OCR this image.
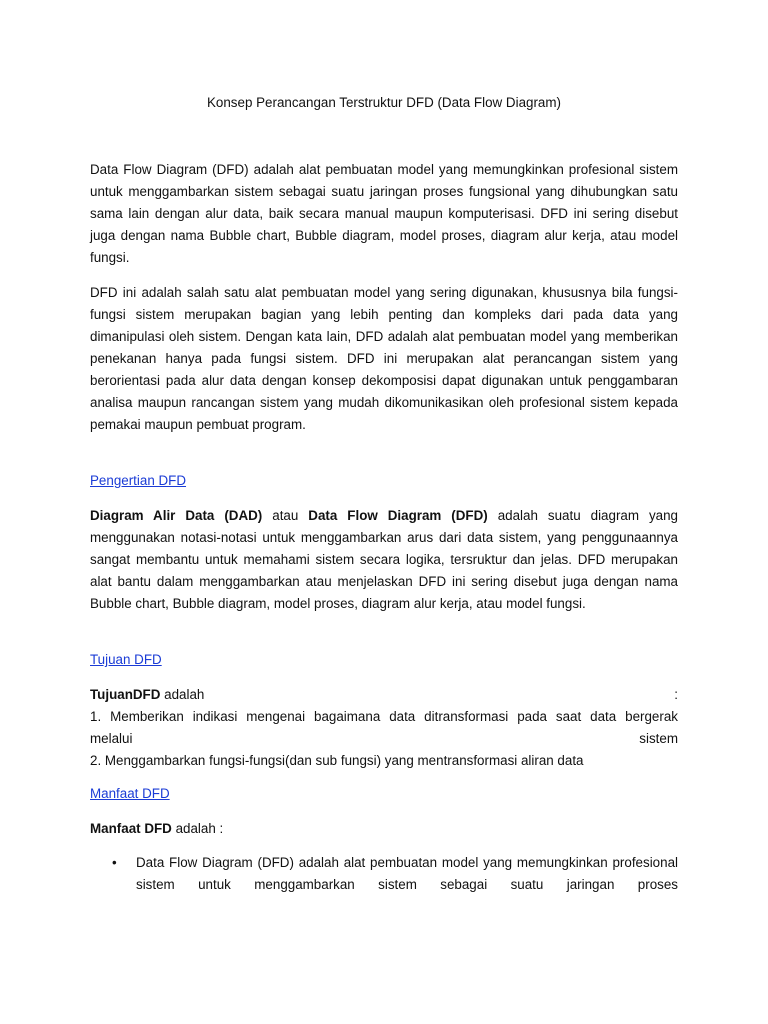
Konsep Perancangan Terstruktur DFD (Data Flow Diagram)
Data Flow Diagram (DFD) adalah alat pembuatan model yang memungkinkan profesional sistem untuk menggambarkan sistem sebagai suatu jaringan proses fungsional yang dihubungkan satu sama lain dengan alur data, baik secara manual maupun komputerisasi. DFD ini sering disebut juga dengan nama Bubble chart, Bubble diagram, model proses, diagram alur kerja, atau model fungsi.
DFD ini adalah salah satu alat pembuatan model yang sering digunakan, khususnya bila fungsi-fungsi sistem merupakan bagian yang lebih penting dan kompleks dari pada data yang dimanipulasi oleh sistem. Dengan kata lain, DFD adalah alat pembuatan model yang memberikan penekanan hanya pada fungsi sistem. DFD ini merupakan alat perancangan sistem yang berorientasi pada alur data dengan konsep dekomposisi dapat digunakan untuk penggambaran analisa maupun rancangan sistem yang mudah dikomunikasikan oleh profesional sistem kepada pemakai maupun pembuat program.
Pengertian DFD
Diagram Alir Data (DAD) atau Data Flow Diagram (DFD) adalah suatu diagram yang menggunakan notasi-notasi untuk menggambarkan arus dari data sistem, yang penggunaannya sangat membantu untuk memahami sistem secara logika, tersruktur dan jelas. DFD merupakan alat bantu dalam menggambarkan atau menjelaskan DFD ini sering disebut juga dengan nama Bubble chart, Bubble diagram, model proses, diagram alur kerja, atau model fungsi.
Tujuan DFD
TujuanDFD adalah	:
1. Memberikan indikasi mengenai bagaimana data ditransformasi pada saat data bergerak
melalui	sistem
2. Menggambarkan fungsi-fungsi(dan sub fungsi) yang mentransformasi aliran data
Manfaat DFD
Manfaat DFD adalah :
• Data Flow Diagram (DFD) adalah alat pembuatan model yang memungkinkan profesional sistem untuk menggambarkan sistem sebagai suatu jaringan proses
